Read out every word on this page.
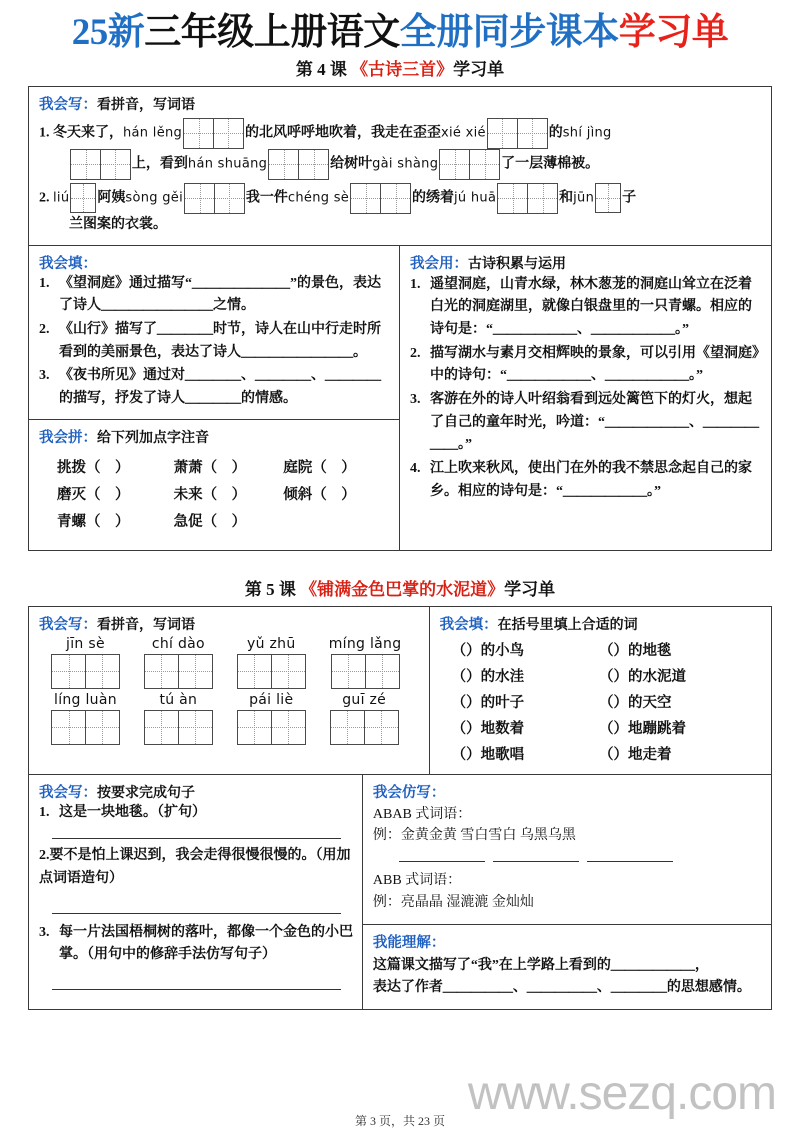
25新三年级上册语文全册同步课本学习单
第 4 课 《古诗三首》学习单
我会写：看拼音，写词语
1. 冬天来了，hán lěng	的北风呼呼地吹着，我走在歪歪xié xié	的shí jìng
上，看到hán shuāng	给树叶gài shàng	了一层薄棉被。
2. liú 阿姨sòng gěi	我一件chéng sè	的绣着jú huā	和jūn 子
兰图案的衣裳。
我会填：
1. 《望洞庭》通过描写“＿＿＿＿＿＿＿”的景色，表达了诗人＿＿＿＿＿＿＿＿之情。
2. 《山行》描写了＿＿＿＿时节，诗人在山中行走时所看到的美丽景色，表达了诗人＿＿＿＿＿＿＿＿。
3. 《夜书所见》通过对＿＿＿＿、＿＿＿＿、＿＿＿＿的描写，抒发了诗人＿＿＿＿的情感。
我会拼：给下列加点字注音
挑拨（    ）	萧萧（    ）	庭院（    ）
磨灭（    ）	未来（    ）	倾斜（    ）
青螺（    ）	急促（    ）	
我会用：古诗积累与运用
1. 遥望洞庭，山青水绿，林木葱茏的洞庭山耸立在泛着白光的洞庭湖里，就像白银盘里的一只青螺。相应的诗句是：“＿＿＿＿＿＿、＿＿＿＿＿＿。”
2. 描写湖水与素月交相辉映的景象，可以引用《望洞庭》中的诗句：“＿＿＿＿＿＿、＿＿＿＿＿＿。”
3. 客游在外的诗人叶绍翁看到远处篱笆下的灯火，想起了自己的童年时光，吟道：“＿＿＿＿＿＿、＿＿＿＿＿＿。”
4. 江上吹来秋风，使出门在外的我不禁思念起自己的家乡。相应的诗句是：“＿＿＿＿＿＿。”
第 5 课 《铺满金色巴掌的水泥道》学习单
我会写：看拼音，写词语
jīn sè	chí dào	yǔ zhū	míng lǎng
líng luàn	tú àn	pái liè	guī zé
我会填：在括号里填上合适的词
（）的小鸟	（）的地毯
（）的水洼	（）的水泥道
（）的叶子	（）的天空
（）地数着	（）地蹦跳着
（）地歌唱	（）地走着
我会写：按要求完成句子
1. 这是一块地毯。（扩句）
2.要不是怕上课迟到，我会走得很慢很慢的。（用加点词语造句）
3. 每一片法国梧桐树的落叶，都像一个金色的小巴掌。（用句中的修辞手法仿写句子）
我会仿写：
ABAB 式词语：
例：金黄金黄 雪白雪白 乌黑乌黑
ABB 式词语：
例：亮晶晶 湿漉漉 金灿灿
我能理解：
这篇课文描写了“我”在上学路上看到的＿＿＿＿＿＿，
表达了作者＿＿＿＿＿、＿＿＿＿＿、＿＿＿＿的思想感情。
www.sezq.com
第 3 页，共 23 页
